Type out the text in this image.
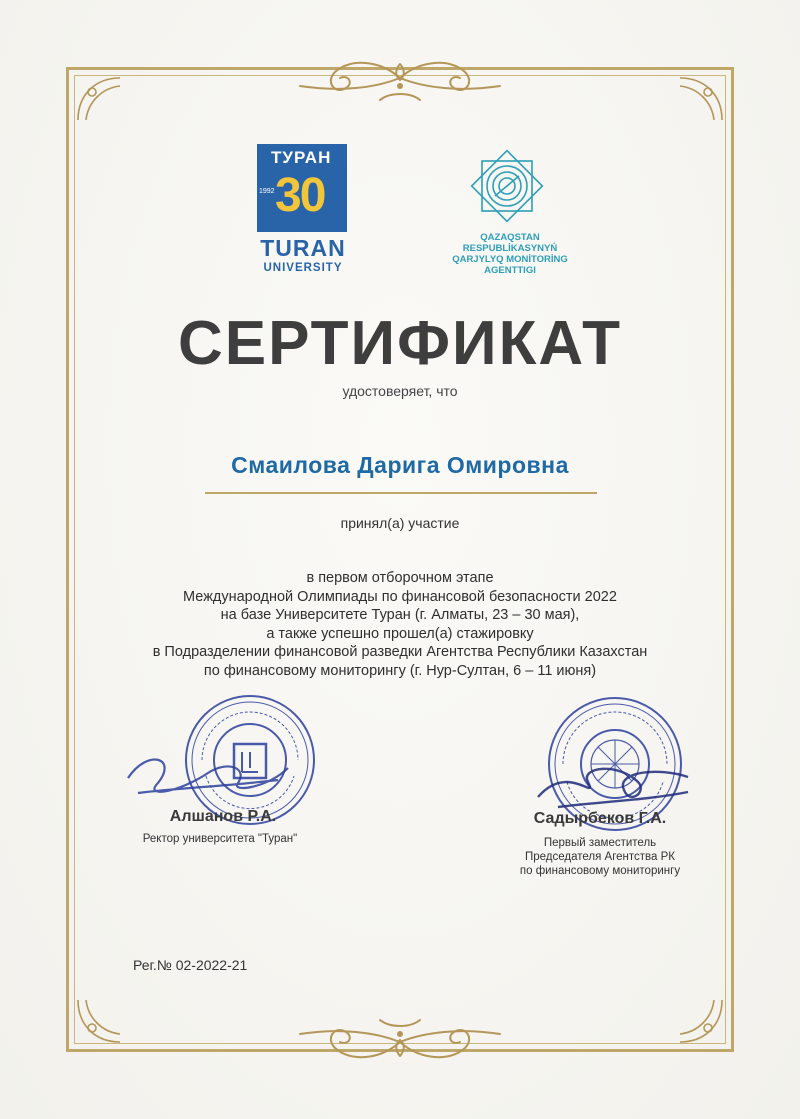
ТУРАН
1992 30
TURAN
UNIVERSITY
QAZAQSTAN
RESPUBLİKASYNYŃ
QARJYLYQ MONİTORİNG
AGENTTIGI
СЕРТИФИКАТ
удостоверяет, что
Смаилова Дарига Омировна
принял(а) участие
в первом отборочном этапе
Международной Олимпиады по финансовой безопасности 2022
на базе Университете Туран (г. Алматы, 23 – 30 мая),
а также успешно прошел(а) стажировку
в Подразделении финансовой разведки Агентства Республики Казахстан
по финансовому мониторингу (г. Нур-Султан, 6 – 11 июня)
Алшанов Р.А.
Ректор университета "Туран"
Садырбеков Г.А.
Первый заместитель
Председателя Агентства РК
по финансовому мониторингу
Рег.№ 02-2022-21
